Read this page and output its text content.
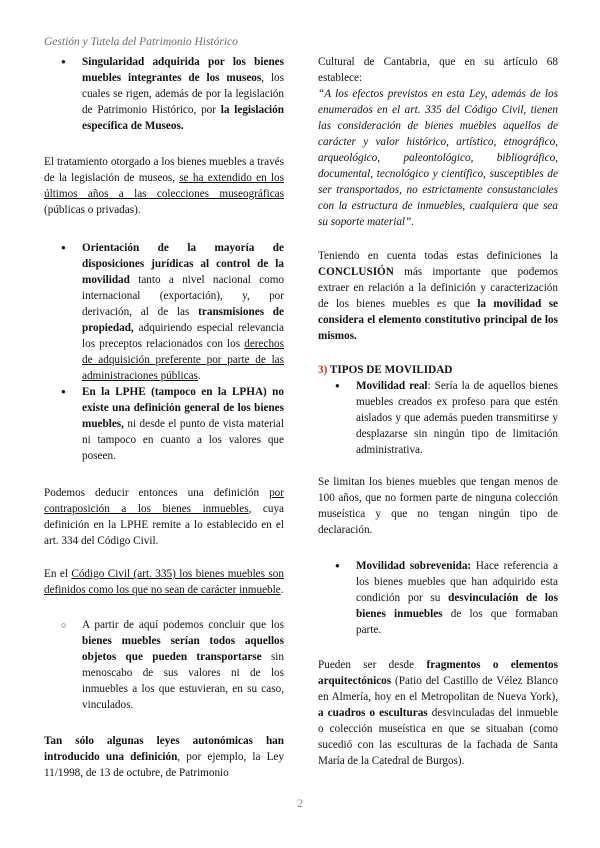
Gestión y Tutela del Patrimonio Histórico
● Singularidad adquirida por los bienes muebles integrantes de los museos, los cuales se rigen, además de por la legislación de Patrimonio Histórico, por la legislación específica de Museos.

El tratamiento otorgado a los bienes muebles a través de la legislación de museos, se ha extendido en los últimos años a las colecciones museográficas (públicas o privadas).

● Orientación de la mayoría de disposiciones jurídicas al control de la movilidad tanto a nivel nacional como internacional (exportación), y, por derivación, al de las transmisiones de propiedad, adquiriendo especial relevancia los preceptos relacionados con los derechos de adquisición preferente por parte de las administraciones públicas.
● En la LPHE (tampoco en la LPHA) no existe una definición general de los bienes muebles, ni desde el punto de vista material ni tampoco en cuanto a los valores que poseen.

Podemos deducir entonces una definición por contraposición a los bienes inmuebles, cuya definición en la LPHE remite a lo establecido en el art. 334 del Código Civil.

En el Código Civil (art. 335) los bienes muebles son definidos como los que no sean de carácter inmueble.

○ A partir de aquí podemos concluir que los bienes muebles serían todos aquellos objetos que pueden transportarse sin menoscabo de sus valores ni de los inmuebles a los que estuvieran, en su caso, vinculados.

Tan sólo algunas leyes autonómicas han introducido una definición, por ejemplo, la Ley 11/1998, de 13 de octubre, de Patrimonio

Cultural de Cantabria, que en su artículo 68 establece:

“A los efectos previstos en esta Ley, además de los enumerados en el art. 335 del Código Civil, tienen las consideración de bienes muebles aquellos de carácter y valor histórico, artístico, etnográfico, arqueológico, paleontológico, bibliográfico, documental, tecnológico y científico, susceptibles de ser transportados, no estrictamente consustanciales con la estructura de inmuebles, cualquiera que sea su soporte material”.

Teniendo en cuenta todas estas definiciones la CONCLUSIÓN más importante que podemos extraer en relación a la definición y caracterización de los bienes muebles es que la movilidad se considera el elemento constitutivo principal de los mismos.

3) TIPOS DE MOVILIDAD

● Movilidad real: Sería la de aquellos bienes muebles creados ex profeso para que estén aislados y que además pueden transmitirse y desplazarse sin ningún tipo de limitación administrativa.

Se limitan los bienes muebles que tengan menos de 100 años, que no formen parte de ninguna colección museística y que no tengan ningún tipo de declaración.

● Movilidad sobrevenida: Hace referencia a los bienes muebles que han adquirido esta condición por su desvinculación de los bienes inmuebles de los que formaban parte.

Pueden ser desde fragmentos o elementos arquitectónicos (Patio del Castillo de Vélez Blanco en Almería, hoy en el Metropolitan de Nueva York), a cuadros o esculturas desvinculadas del inmueble o colección museística en que se situaban (como sucedió con las esculturas de la fachada de Santa María de la Catedral de Burgos).

2
